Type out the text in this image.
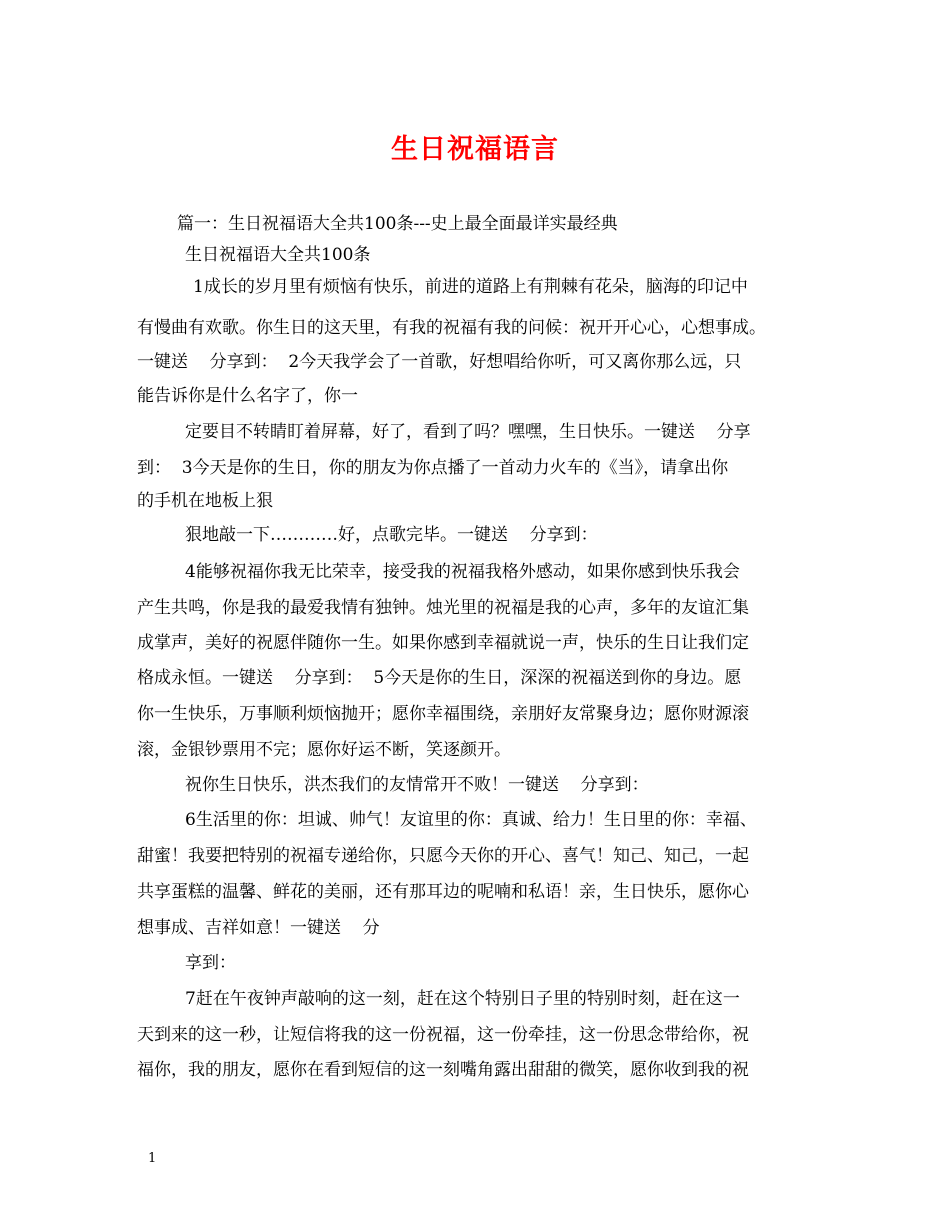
生日祝福语言
篇一：生日祝福语大全共100条---史上最全面最详实最经典
生日祝福语大全共100条
1成长的岁月里有烦恼有快乐，前进的道路上有荆棘有花朵，脑海的印记中
有慢曲有欢歌。你生日的这天里，有我的祝福有我的问候：祝开开心心，心想事成。
一键送    分享到：  2今天我学会了一首歌，好想唱给你听，可又离你那么远，只
能告诉你是什么名字了，你一
定要目不转睛盯着屏幕，好了，看到了吗？嘿嘿，生日快乐。一键送    分享
到：  3今天是你的生日，你的朋友为你点播了一首动力火车的《当》，请拿出你
的手机在地板上狠
狠地敲一下…………好，点歌完毕。一键送    分享到：
4能够祝福你我无比荣幸，接受我的祝福我格外感动，如果你感到快乐我会
产生共鸣，你是我的最爱我情有独钟。烛光里的祝福是我的心声，多年的友谊汇集
成掌声，美好的祝愿伴随你一生。如果你感到幸福就说一声，快乐的生日让我们定
格成永恒。一键送    分享到：  5今天是你的生日，深深的祝福送到你的身边。愿
你一生快乐，万事顺利烦恼抛开；愿你幸福围绕，亲朋好友常聚身边；愿你财源滚
滚，金银钞票用不完；愿你好运不断，笑逐颜开。
祝你生日快乐，洪杰我们的友情常开不败！一键送    分享到：
6生活里的你：坦诚、帅气！友谊里的你：真诚、给力！生日里的你：幸福、
甜蜜！我要把特别的祝福专递给你，只愿今天你的开心、喜气！知己、知己，一起
共享蛋糕的温馨、鲜花的美丽，还有那耳边的呢喃和私语！亲，生日快乐，愿你心
想事成、吉祥如意！一键送    分
享到：
7赶在午夜钟声敲响的这一刻，赶在这个特别日子里的特别时刻，赶在这一
天到来的这一秒，让短信将我的这一份祝福，这一份牵挂，这一份思念带给你，祝
福你，我的朋友，愿你在看到短信的这一刻嘴角露出甜甜的微笑，愿你收到我的祝
1
